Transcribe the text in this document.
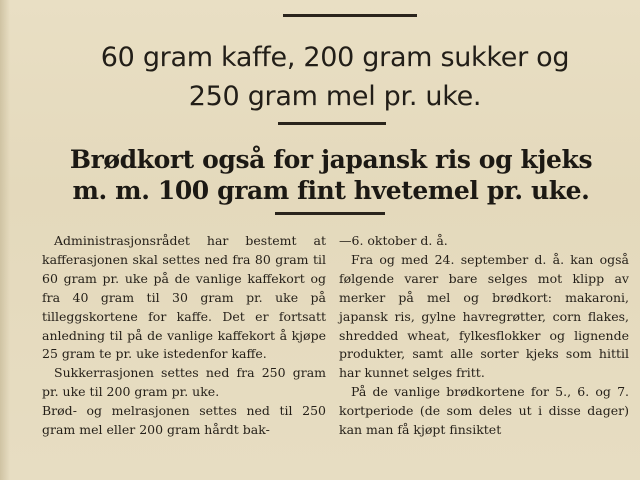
60 gram kaffe, 200 gram sukker og
250 gram mel pr. uke.
Brødkort også for japansk ris og kjeks
m. m. 100 gram fint hvetemel pr. uke.

Administrasjonsrådet har bestemt at kafferasjonen skal settes ned fra 80 gram til 60 gram pr. uke på de vanlige kaffekort og fra 40 gram til 30 gram pr. uke på tilleggskortene for kaffe. Det er fortsatt anledning til på de vanlige kaffekort å kjøpe 25 gram te pr. uke istedenfor kaffe.

Sukkerrasjonen settes ned fra 250 gram pr. uke til 200 gram pr. uke.

Brød- og melrasjonen settes ned til 250 gram mel eller 200 gram hårdt bak-

—6. oktober d. å.

Fra og med 24. september d. å. kan også følgende varer bare selges mot klipp av merker på mel og brødkort: makaroni, japansk ris, gylne havregrøtter, corn flakes, shredded wheat, fylkesflokker og lignende produkter, samt alle sorter kjeks som hittil har kunnet selges fritt.

På de vanlige brødkortene for 5., 6. og 7. kortperiode (de som deles ut i disse dager) kan man få kjøpt finsiktet
